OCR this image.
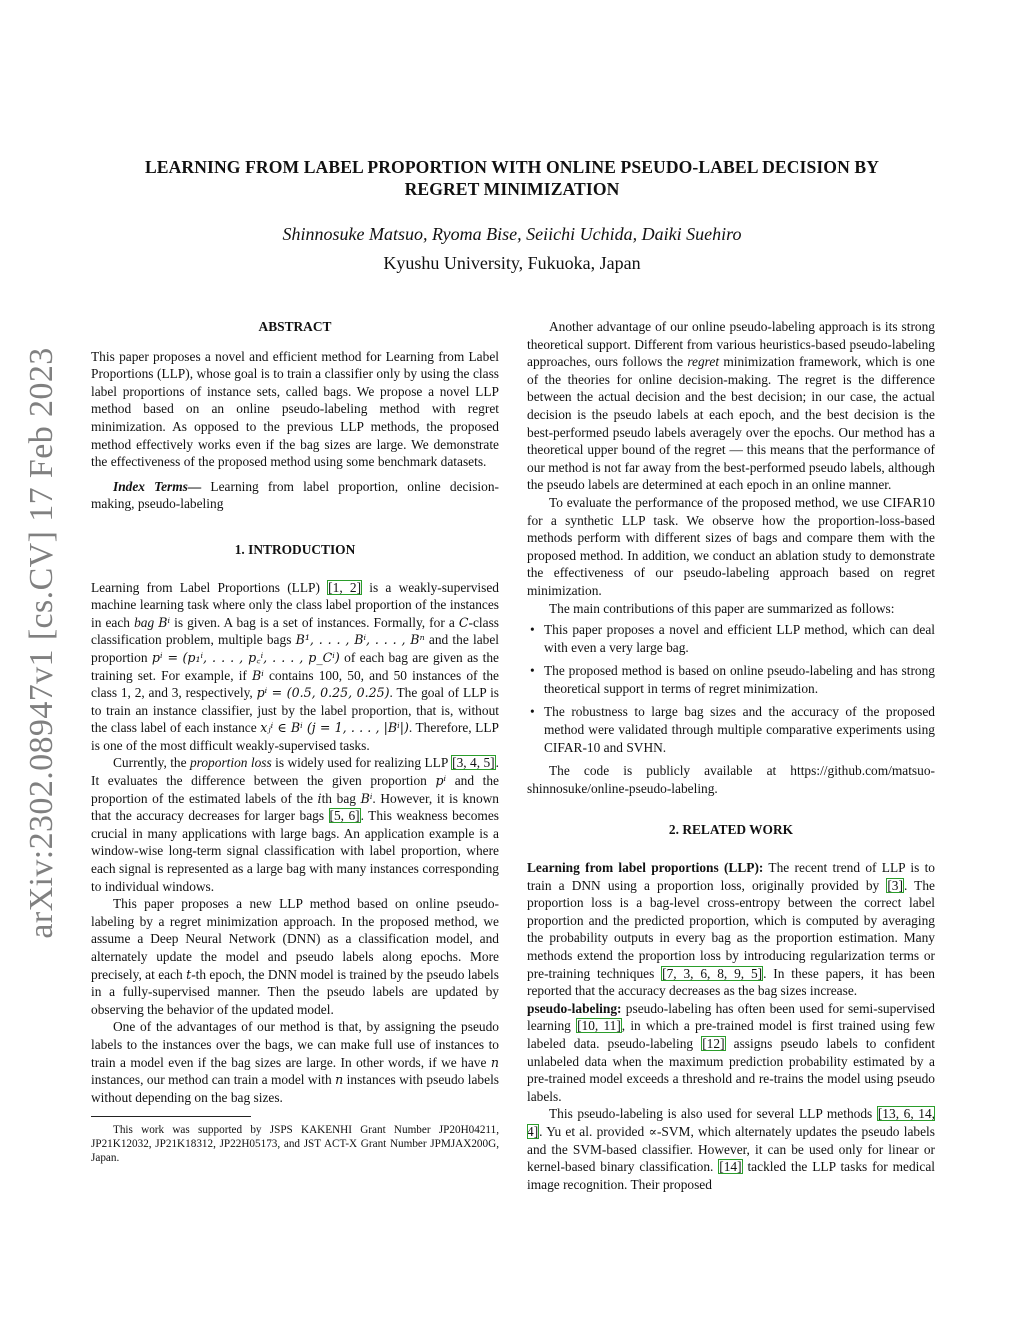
arXiv:2302.08947v1 [cs.CV] 17 Feb 2023
LEARNING FROM LABEL PROPORTION WITH ONLINE PSEUDO-LABEL DECISION BY
REGRET MINIMIZATION
Shinnosuke Matsuo, Ryoma Bise, Seiichi Uchida, Daiki Suehiro
Kyushu University, Fukuoka, Japan
ABSTRACT

This paper proposes a novel and efficient method for Learning from Label Proportions (LLP), whose goal is to train a classifier only by using the class label proportions of instance sets, called bags. We propose a novel LLP method based on an online pseudo-labeling method with regret minimization. As opposed to the previous LLP methods, the proposed method effectively works even if the bag sizes are large. We demonstrate the effectiveness of the proposed method using some benchmark datasets.

Index Terms— Learning from label proportion, online decision-making, pseudo-labeling

1. INTRODUCTION

Learning from Label Proportions (LLP) [1, 2] is a weakly-supervised machine learning task where only the class label proportion of the instances in each bag Bⁱ is given. A bag is a set of instances. Formally, for a C-class classification problem, multiple bags B¹, . . . , Bⁱ, . . . , Bⁿ and the label proportion pⁱ = (p₁ⁱ, . . . , p꜀ⁱ, . . . , p_Cⁱ) of each bag are given as the training set. For example, if Bⁱ contains 100, 50, and 50 instances of the class 1, 2, and 3, respectively, pⁱ = (0.5, 0.25, 0.25). The goal of LLP is to train an instance classifier, just by the label proportion, that is, without the class label of each instance xⱼⁱ ∈ Bⁱ (j = 1, . . . , |Bⁱ|). Therefore, LLP is one of the most difficult weakly-supervised tasks.

Currently, the proportion loss is widely used for realizing LLP [3, 4, 5]. It evaluates the difference between the given proportion pⁱ and the proportion of the estimated labels of the ith bag Bⁱ. However, it is known that the accuracy decreases for larger bags [5, 6]. This weakness becomes crucial in many applications with large bags. An application example is a window-wise long-term signal classification with label proportion, where each signal is represented as a large bag with many instances corresponding to individual windows.

This paper proposes a new LLP method based on online pseudo-labeling by a regret minimization approach. In the proposed method, we assume a Deep Neural Network (DNN) as a classification model, and alternately update the model and pseudo labels along epochs. More precisely, at each t-th epoch, the DNN model is trained by the pseudo labels in a fully-supervised manner. Then the pseudo labels are updated by observing the behavior of the updated model.

One of the advantages of our method is that, by assigning the pseudo labels to the instances over the bags, we can make full use of instances to train a model even if the bag sizes are large. In other words, if we have n instances, our method can train a model with n instances with pseudo labels without depending on the bag sizes.

This work was supported by JSPS KAKENHI Grant Number JP20H04211, JP21K12032, JP21K18312, JP22H05173, and JST ACT-X Grant Number JPMJAX200G, Japan.

Another advantage of our online pseudo-labeling approach is its strong theoretical support. Different from various heuristics-based pseudo-labeling approaches, ours follows the regret minimization framework, which is one of the theories for online decision-making. The regret is the difference between the actual decision and the best decision; in our case, the actual decision is the pseudo labels at each epoch, and the best decision is the best-performed pseudo labels averagely over the epochs. Our method has a theoretical upper bound of the regret — this means that the performance of our method is not far away from the best-performed pseudo labels, although the pseudo labels are determined at each epoch in an online manner.

To evaluate the performance of the proposed method, we use CIFAR10 for a synthetic LLP task. We observe how the proportion-loss-based methods perform with different sizes of bags and compare them with the proposed method. In addition, we conduct an ablation study to demonstrate the effectiveness of our pseudo-labeling approach based on regret minimization.

The main contributions of this paper are summarized as follows:

• This paper proposes a novel and efficient LLP method, which can deal with even a very large bag.
• The proposed method is based on online pseudo-labeling and has strong theoretical support in terms of regret minimization.
• The robustness to large bag sizes and the accuracy of the proposed method were validated through multiple comparative experiments using CIFAR-10 and SVHN.

The code is publicly available at https://github.com/matsuo-shinnosuke/online-pseudo-labeling.

2. RELATED WORK

Learning from label proportions (LLP): The recent trend of LLP is to train a DNN using a proportion loss, originally provided by [3]. The proportion loss is a bag-level cross-entropy between the correct label proportion and the predicted proportion, which is computed by averaging the probability outputs in every bag as the proportion estimation. Many methods extend the proportion loss by introducing regularization terms or pre-training techniques [7, 3, 6, 8, 9, 5]. In these papers, it has been reported that the accuracy decreases as the bag sizes increase.

pseudo-labeling: pseudo-labeling has often been used for semi-supervised learning [10, 11], in which a pre-trained model is first trained using few labeled data. pseudo-labeling [12] assigns pseudo labels to confident unlabeled data when the maximum prediction probability estimated by a pre-trained model exceeds a threshold and re-trains the model using pseudo labels.

This pseudo-labeling is also used for several LLP methods [13, 6, 14, 4]. Yu et al. provided ∝-SVM, which alternately updates the pseudo labels and the SVM-based classifier. However, it can be used only for linear or kernel-based binary classification. [14] tackled the LLP tasks for medical image recognition. Their proposed
